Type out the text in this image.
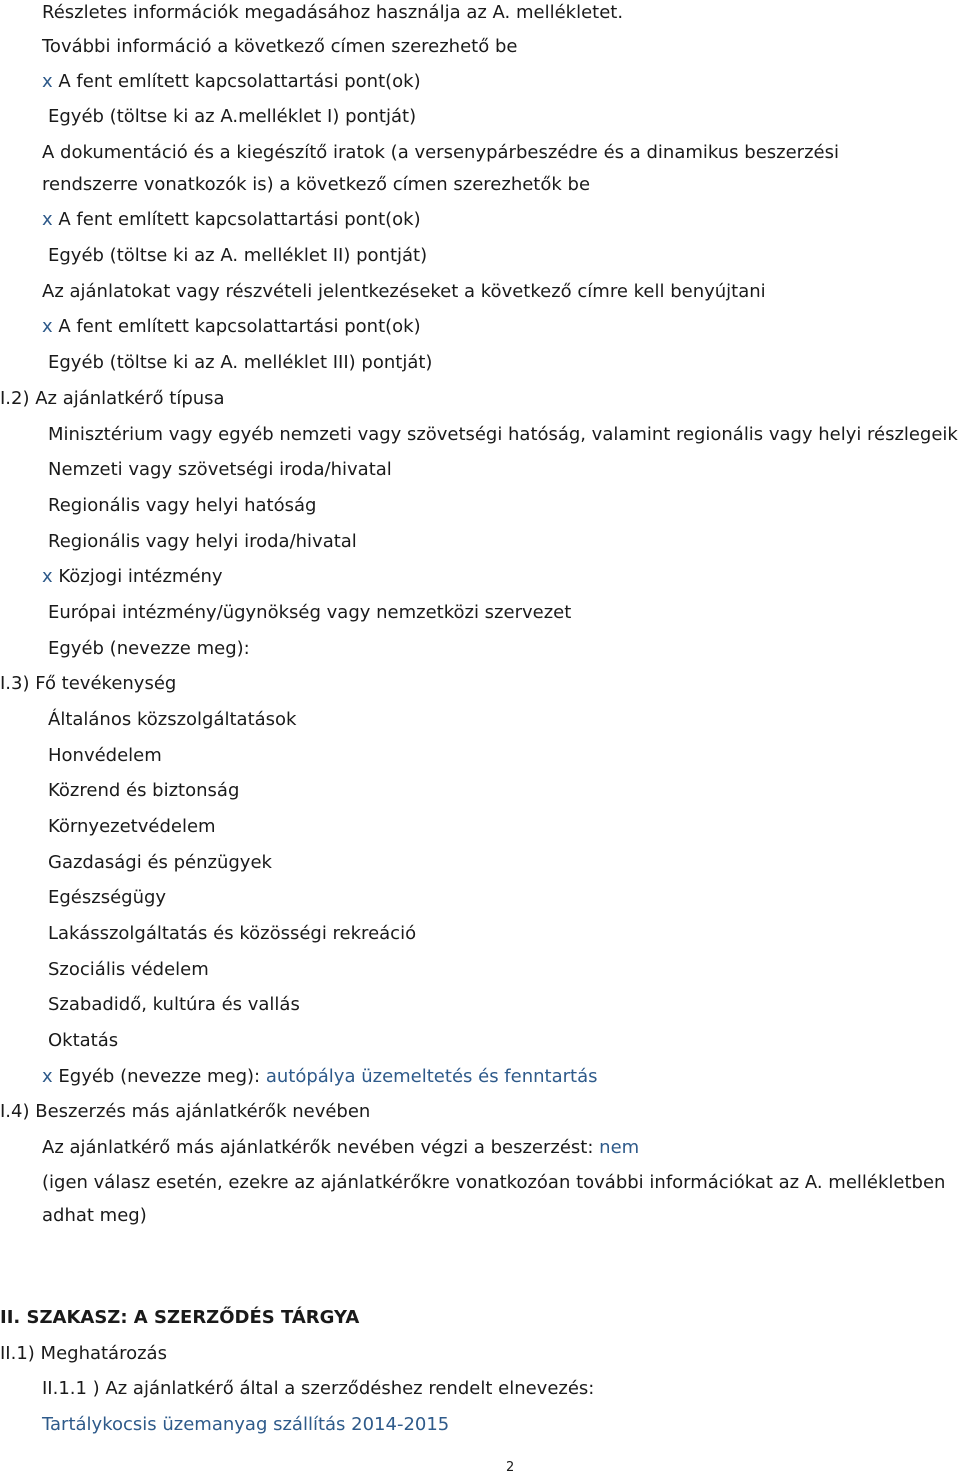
Részletes információk megadásához használja az A. mellékletet.
További információ a következő címen szerezhető be
x A fent említett kapcsolattartási pont(ok)
Egyéb (töltse ki az A.melléklet I) pontját)
A dokumentáció és a kiegészítő iratok (a versenypárbeszédre és a dinamikus beszerzési
rendszerre vonatkozók is) a következő címen szerezhetők be
x A fent említett kapcsolattartási pont(ok)
Egyéb (töltse ki az A. melléklet II) pontját)
Az ajánlatokat vagy részvételi jelentkezéseket a következő címre kell benyújtani
x A fent említett kapcsolattartási pont(ok)
Egyéb (töltse ki az A. melléklet III) pontját)
I.2) Az ajánlatkérő típusa
Minisztérium vagy egyéb nemzeti vagy szövetségi hatóság, valamint regionális vagy helyi részlegeik
Nemzeti vagy szövetségi iroda/hivatal
Regionális vagy helyi hatóság
Regionális vagy helyi iroda/hivatal
x Közjogi intézmény
Európai intézmény/ügynökség vagy nemzetközi szervezet
Egyéb (nevezze meg):
I.3) Fő tevékenység
Általános közszolgáltatások
Honvédelem
Közrend és biztonság
Környezetvédelem
Gazdasági és pénzügyek
Egészségügy
Lakásszolgáltatás és közösségi rekreáció
Szociális védelem
Szabadidő, kultúra és vallás
Oktatás
x Egyéb (nevezze meg): autópálya üzemeltetés és fenntartás
I.4) Beszerzés más ajánlatkérők nevében
Az ajánlatkérő más ajánlatkérők nevében végzi a beszerzést: nem
(igen válasz esetén, ezekre az ajánlatkérőkre vonatkozóan további információkat az A. mellékletben
adhat meg)
II. SZAKASZ: A SZERZŐDÉS TÁRGYA
II.1) Meghatározás
II.1.1 ) Az ajánlatkérő által a szerződéshez rendelt elnevezés:
Tartálykocsis üzemanyag szállítás 2014-2015
2
